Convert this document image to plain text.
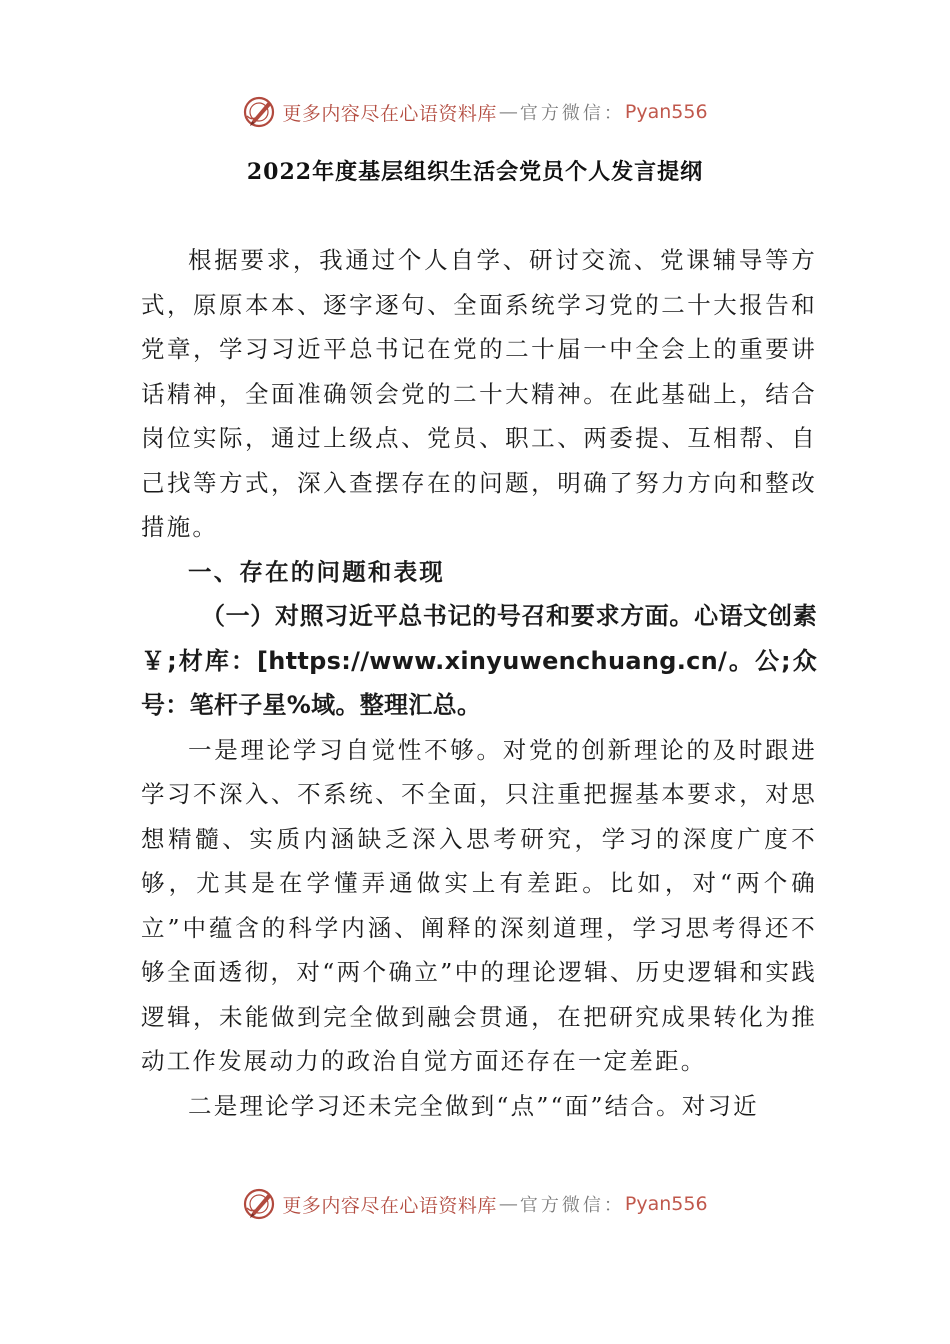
更多内容尽在心语资料库 — 官方微信： Pyan556
2022年度基层组织生活会党员个人发言提纲

根据要求，我通过个人自学、研讨交流、党课辅导等方式，原原本本、逐字逐句、全面系统学习党的二十大报告和党章，学习习近平总书记在党的二十届一中全会上的重要讲话精神，全面准确领会党的二十大精神。在此基础上，结合岗位实际，通过上级点、党员、职工、两委提、互相帮、自己找等方式，深入查摆存在的问题，明确了努力方向和整改措施。

一、存在的问题和表现

（一）对照习近平总书记的号召和要求方面。心语文创素￥;材库：[https://www.xinyuwenchuang.cn/。公;众号：笔杆子星%域。整理汇总。

一是理论学习自觉性不够。对党的创新理论的及时跟进学习不深入、不系统、不全面，只注重把握基本要求，对思想精髓、实质内涵缺乏深入思考研究，学习的深度广度不够，尤其是在学懂弄通做实上有差距。比如，对“两个确立”中蕴含的科学内涵、阐释的深刻道理，学习思考得还不够全面透彻，对“两个确立”中的理论逻辑、历史逻辑和实践逻辑，未能做到完全做到融会贯通，在把研究成果转化为推动工作发展动力的政治自觉方面还存在一定差距。

二是理论学习还未完全做到“点”“面”结合。对习近

更多内容尽在心语资料库 — 官方微信： Pyan556
